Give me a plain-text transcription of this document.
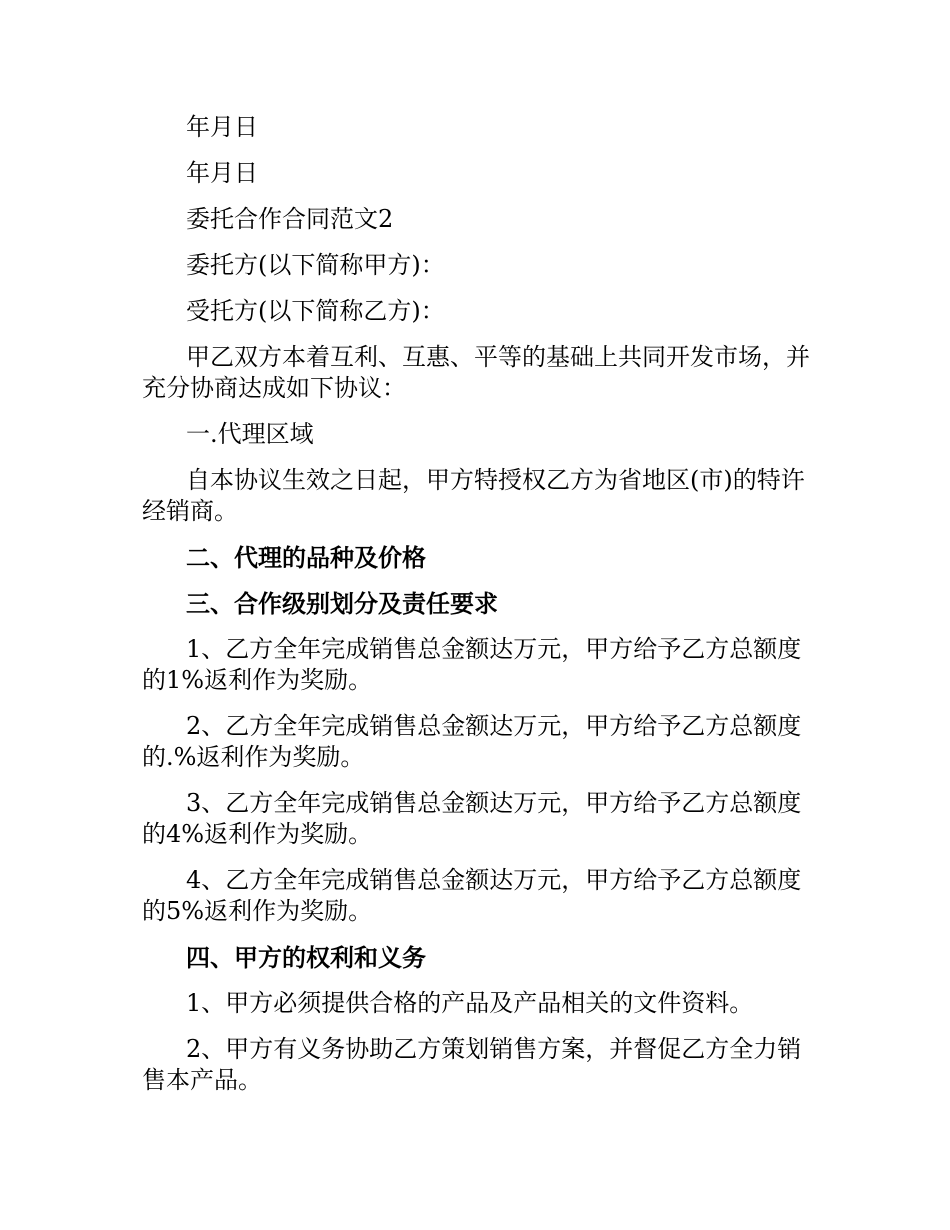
年月日

年月日

委托合作合同范文2

委托方(以下简称甲方)：

受托方(以下简称乙方)：

甲乙双方本着互利、互惠、平等的基础上共同开发市场，并充分协商达成如下协议：

一.代理区域

自本协议生效之日起，甲方特授权乙方为省地区(市)的特许经销商。

二、代理的品种及价格

三、合作级别划分及责任要求

1、乙方全年完成销售总金额达万元，甲方给予乙方总额度的1%返利作为奖励。

2、乙方全年完成销售总金额达万元，甲方给予乙方总额度的.%返利作为奖励。

3、乙方全年完成销售总金额达万元，甲方给予乙方总额度的4%返利作为奖励。

4、乙方全年完成销售总金额达万元，甲方给予乙方总额度的5%返利作为奖励。

四、甲方的权利和义务

1、甲方必须提供合格的产品及产品相关的文件资料。

2、甲方有义务协助乙方策划销售方案，并督促乙方全力销售本产品。
